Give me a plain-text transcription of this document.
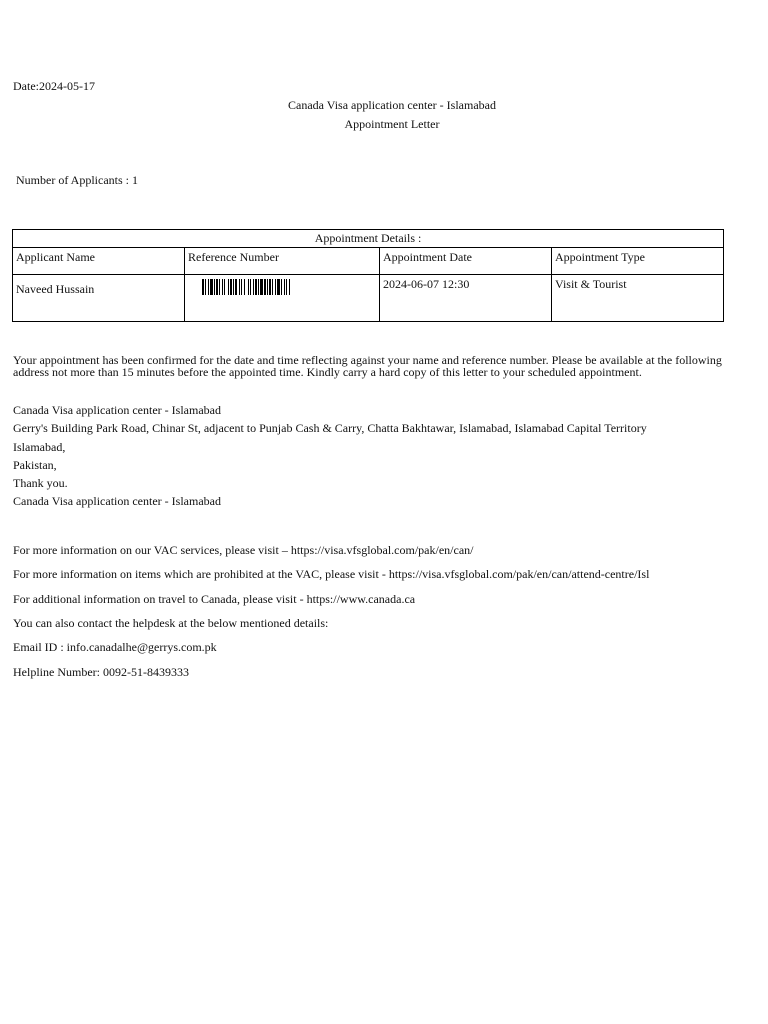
Date:2024-05-17
Canada Visa application center - Islamabad
Appointment Letter
Number of Applicants : 1
Appointment Details :			
Applicant Name	Reference Number	Appointment Date	Appointment Type
Naveed Hussain		2024-06-07 12:30	Visit & Tourist
Your appointment has been confirmed for the date and time reflecting against your name and reference number. Please be available at the following address not more than 15 minutes before the appointed time. Kindly carry a hard copy of this letter to your scheduled appointment.
Canada Visa application center - Islamabad
Gerry's Building Park Road, Chinar St, adjacent to Punjab Cash & Carry, Chatta Bakhtawar, Islamabad, Islamabad Capital Territory
Islamabad,
Pakistan,
Thank you.
Canada Visa application center - Islamabad
For more information on our VAC services, please visit – https://visa.vfsglobal.com/pak/en/can/
For more information on items which are prohibited at the VAC, please visit - https://visa.vfsglobal.com/pak/en/can/attend-centre/Isl
For additional information on travel to Canada, please visit - https://www.canada.ca
You can also contact the helpdesk at the below mentioned details:
Email ID : info.canadalhe@gerrys.com.pk
Helpline Number: 0092-51-8439333
